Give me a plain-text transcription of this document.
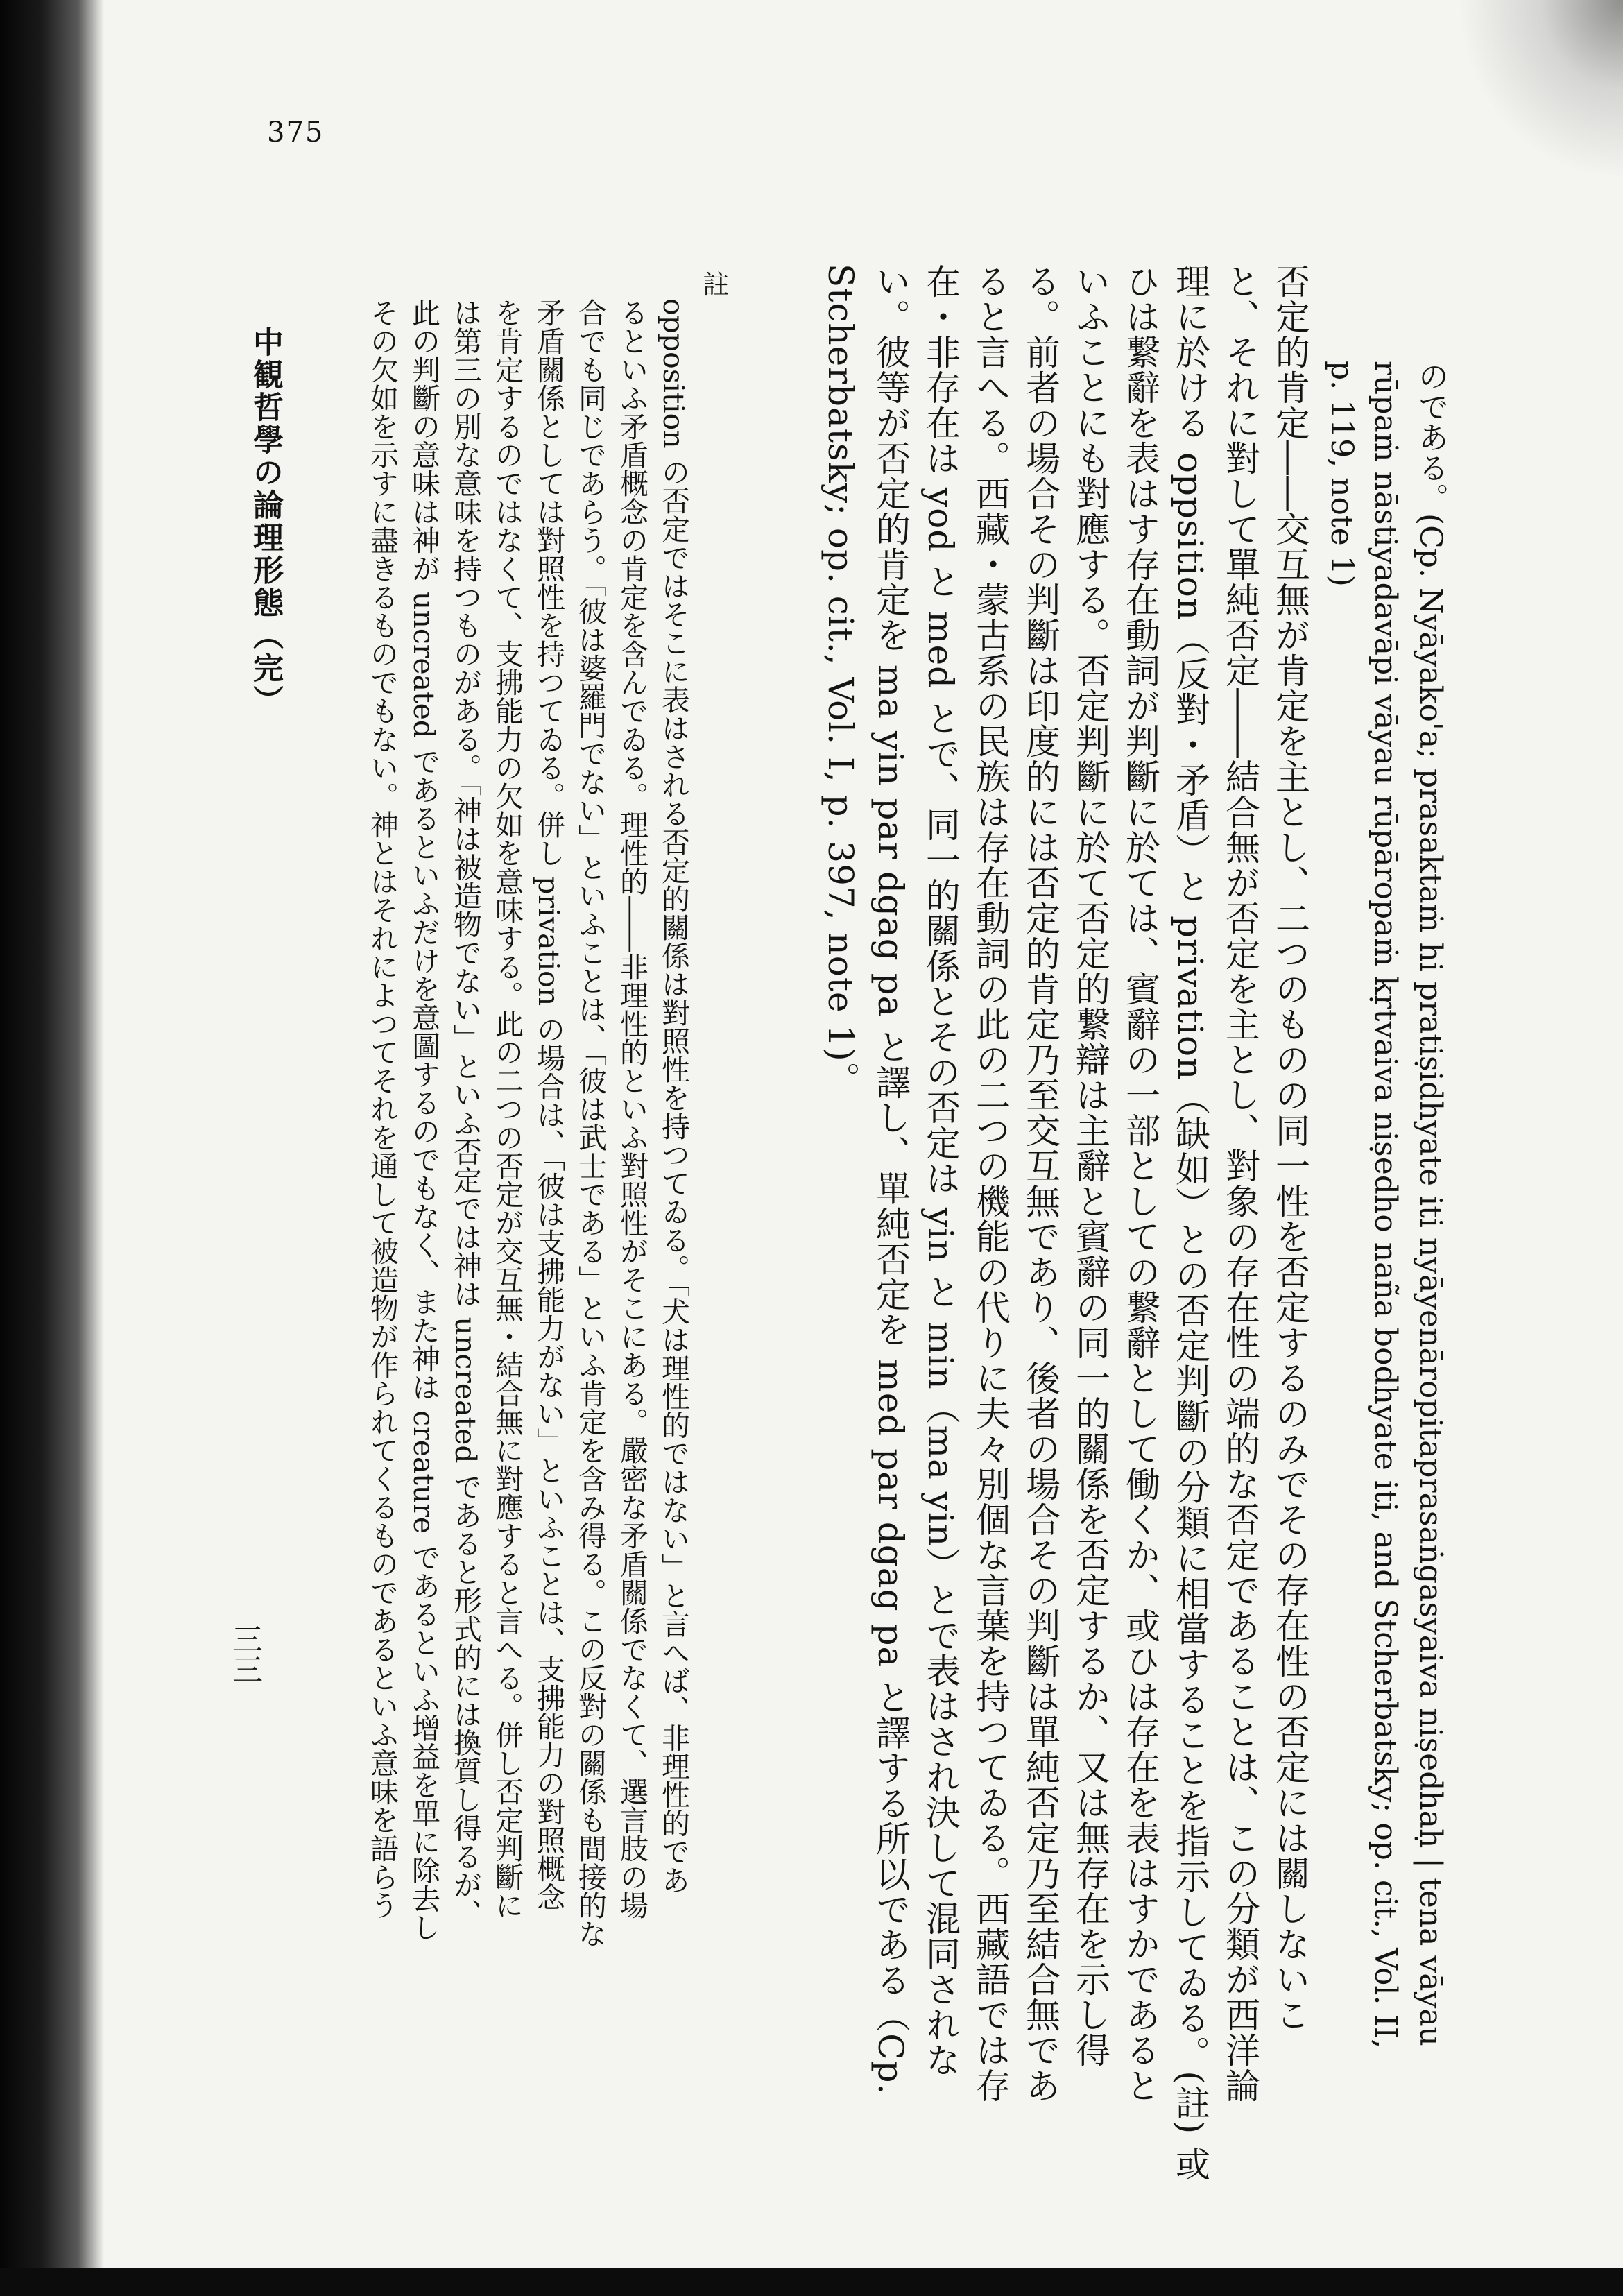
375
のである。(Cp. Nyāyako'a; prasaktaṁ hi pratiṣidhyate iti nyāyenāropitaprasaṅgasyaiva niṣedhaḥ | tena vāyau
rūpaṁ nāstiyadavāpi vāyau rūpāropaṁ kṛtvaiva niṣedho naña bodhyate iti, and Stcherbatsky; op. cit., Vol. II,
p. 119, note 1)
否定的肯定――交互無が肯定を主とし、二つのものの同一性を否定するのみでその存在性の否定には關しないこ
と、それに對して單純否定――結合無が否定を主とし、對象の存在性の端的な否定であることは、この分類が西洋論
理に於ける oppsition（反對・矛盾）と privation（缺如）との否定判斷の分類に相當することを指示してゐる。(註) 或
ひは繋辭を表はす存在動詞が判斷に於ては、賓辭の一部としての繋辭として働くか、或ひは存在を表はすかであると
いふことにも對應する。否定判斷に於て否定的繋辯は主辭と賓辭の同一的關係を否定するか、又は無存在を示し得
る。前者の場合その判斷は印度的には否定的肯定乃至交互無であり、後者の場合その判斷は單純否定乃至結合無であ
ると言へる。西藏・蒙古系の民族は存在動詞の此の二つの機能の代りに夫々別個な言葉を持つてゐる。西藏語では存
在・非存在は yod と med とで、同一的關係とその否定は yin と min（ma yin）とで表はされ決して混同されな
い。彼等が否定的肯定を ma yin par dgag pa と譯し、單純否定を med par dgag pa と譯する所以である（Cp.
Stcherbatsky; op. cit., Vol. I, p. 397, note 1)。
註
opposition の否定ではそこに表はされる否定的關係は對照性を持つてゐる。「犬は理性的ではない」と言へば、非理性的であ
るといふ矛盾概念の肯定を含んでゐる。理性的――非理性的といふ對照性がそこにある。嚴密な矛盾關係でなくて、選言肢の場
合でも同じであらう。「彼は婆羅門でない」といふことは、「彼は武士である」といふ肯定を含み得る。この反對の關係も間接的な
矛盾關係としては對照性を持つてゐる。併し privation の場合は、「彼は支拂能力がない」といふことは、支拂能力の對照概念
を肯定するのではなくて、支拂能力の欠如を意味する。此の二つの否定が交互無・結合無に對應すると言へる。併し否定判斷に
は第三の別な意味を持つものがある。「神は被造物でない」といふ否定では神は uncreated であると形式的には換質し得るが、
此の判斷の意味は神が uncreated であるといふだけを意圖するのでもなく、また神は creature であるといふ增益を單に除去し
その欠如を示すに盡きるものでもない。神とはそれによつてそれを通して被造物が作られてくるものであるといふ意味を語らう
中観哲學の論理形態（完）
三三
